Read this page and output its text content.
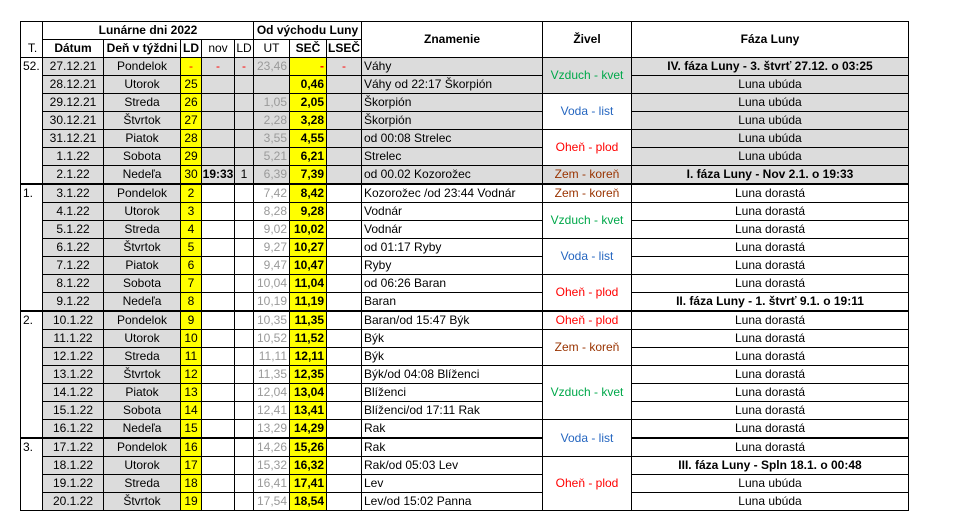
	Lunárne dni 2022					Od východu Luny			Znamenie	Živel	Fáza Luny
T.	Dátum	Deň v týždni	LD	nov	LD	UT	SEČ	LSEČ			
52.	27.12.21	Pondelok	-	-	-	23,46	-	-	Váhy	Vzduch - kvet	IV. fáza Luny - 3. štvrť 27.12. o 03:25
	28.12.21	Utorok	25				0,46		Váhy od 22:17 Škorpión		Luna ubúda
	29.12.21	Streda	26			1,05	2,05		Škorpión	Voda - list	Luna ubúda
	30.12.21	Štvrtok	27			2,28	3,28		Škorpión		Luna ubúda
	31.12.21	Piatok	28			3,55	4,55		od 00:08 Strelec	Oheň - plod	Luna ubúda
	1.1.22	Sobota	29			5,21	6,21		Strelec		Luna ubúda
	2.1.22	Nedeľa	30	19:33	1	6,39	7,39		od 00.02 Kozorožec	Zem - koreň	I. fáza Luny - Nov 2.1. o 19:33
1.	3.1.22	Pondelok	2			7,42	8,42		Kozorožec /od 23:44 Vodnár	Zem - koreň	Luna dorastá
	4.1.22	Utorok	3			8,28	9,28		Vodnár	Vzduch - kvet	Luna dorastá
	5.1.22	Streda	4			9,02	10,02		Vodnár		Luna dorastá
	6.1.22	Štvrtok	5			9,27	10,27		od 01:17 Ryby	Voda - list	Luna dorastá
	7.1.22	Piatok	6			9,47	10,47		Ryby		Luna dorastá
	8.1.22	Sobota	7			10,04	11,04		od 06:26 Baran	Oheň - plod	Luna dorastá
	9.1.22	Nedeľa	8			10,19	11,19		Baran		II. fáza Luny - 1. štvrť 9.1. o 19:11
2.	10.1.22	Pondelok	9			10,35	11,35		Baran/od 15:47 Býk	Oheň - plod	Luna dorastá
	11.1.22	Utorok	10			10,52	11,52		Býk	Zem - koreň	Luna dorastá
	12.1.22	Streda	11			11,11	12,11		Býk		Luna dorastá
	13.1.22	Štvrtok	12			11,35	12,35		Býk/od 04:08 Blíženci	Vzduch - kvet	Luna dorastá
	14.1.22	Piatok	13			12,04	13,04		Blíženci		Luna dorastá
	15.1.22	Sobota	14			12,41	13,41		Blíženci/od 17:11 Rak		Luna dorastá
	16.1.22	Nedeľa	15			13,29	14,29		Rak	Voda - list	Luna dorastá
3.	17.1.22	Pondelok	16			14,26	15,26		Rak		Luna dorastá
	18.1.22	Utorok	17			15,32	16,32		Rak/od 05:03 Lev	Oheň - plod	III. fáza Luny - Spln 18.1. o 00:48
	19.1.22	Streda	18			16,41	17,41		Lev		Luna ubúda
	20.1.22	Štvrtok	19			17,54	18,54		Lev/od 15:02 Panna		Luna ubúda
